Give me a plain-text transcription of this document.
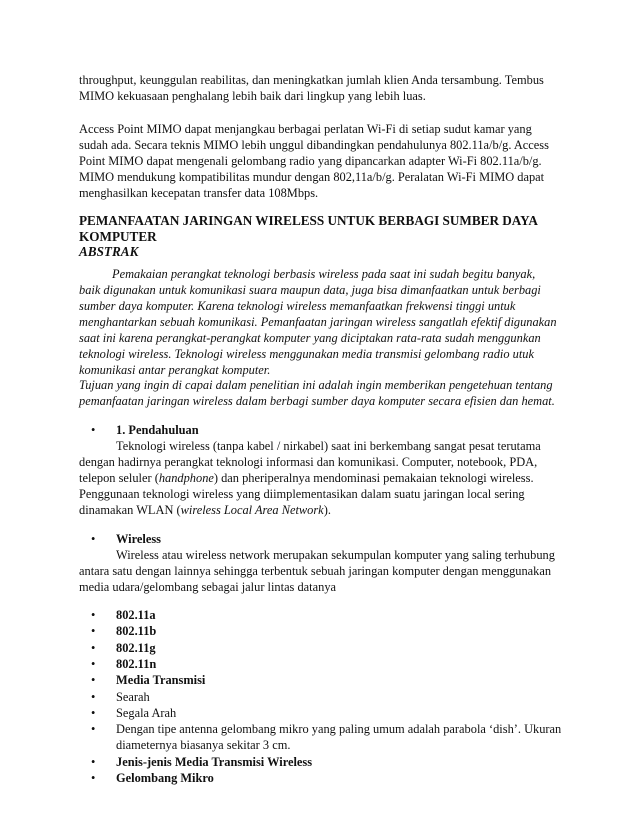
throughput, keunggulan reabilitas, dan meningkatkan jumlah klien Anda tersambung. Tembus
MIMO kekuasaan penghalang lebih baik dari lingkup yang lebih luas.
Access Point MIMO dapat menjangkau berbagai perlatan Wi-Fi di setiap sudut kamar yang
sudah ada. Secara teknis MIMO lebih unggul dibandingkan pendahulunya 802.11a/b/g. Access
Point MIMO dapat mengenali gelombang radio yang dipancarkan adapter Wi-Fi 802.11a/b/g.
MIMO mendukung kompatibilitas mundur dengan 802,11a/b/g. Peralatan Wi-Fi MIMO dapat
menghasilkan kecepatan transfer data 108Mbps.
PEMANFAATAN JARINGAN WIRELESS UNTUK BERBAGI SUMBER DAYA
KOMPUTER
ABSTRAK
Pemakaian perangkat teknologi berbasis wireless pada saat ini sudah begitu banyak,
baik digunakan untuk komunikasi suara maupun data, juga bisa dimanfaatkan untuk berbagi
sumber daya komputer. Karena teknologi wireless memanfaatkan frekwensi tinggi untuk
menghantarkan sebuah komunikasi. Pemanfaatan jaringan wireless sangatlah efektif digunakan
saat ini karena perangkat-perangkat komputer yang diciptakan rata-rata sudah menggunkan
teknologi wireless. Teknologi wireless menggunakan media transmisi gelombang radio utuk
komunikasi antar perangkat komputer.
Tujuan yang ingin di capai dalam penelitian ini adalah ingin memberikan pengetehuan tentang
pemanfaatan jaringan wireless dalam berbagi sumber daya komputer secara efisien dan hemat.
• 1. Pendahuluan
Teknologi wireless (tanpa kabel / nirkabel) saat ini berkembang sangat pesat terutama
dengan hadirnya perangkat teknologi informasi dan komunikasi. Computer, notebook, PDA,
telepon seluler (handphone) dan pheriperalnya mendominasi pemakaian teknologi wireless.
Penggunaan teknologi wireless yang diimplementasikan dalam suatu jaringan local sering
dinamakan WLAN (wireless Local Area Network).
• Wireless
Wireless atau wireless network merupakan sekumpulan komputer yang saling terhubung
antara satu dengan lainnya sehingga terbentuk sebuah jaringan komputer dengan menggunakan
media udara/gelombang sebagai jalur lintas datanya
• 802.11a
• 802.11b
• 802.11g
• 802.11n
• Media Transmisi
• Searah
• Segala Arah
• Dengan tipe antenna gelombang mikro yang paling umum adalah parabola ‘dish’. Ukuran
diameternya biasanya sekitar 3 cm.
• Jenis-jenis Media Transmisi Wireless
• Gelombang Mikro
